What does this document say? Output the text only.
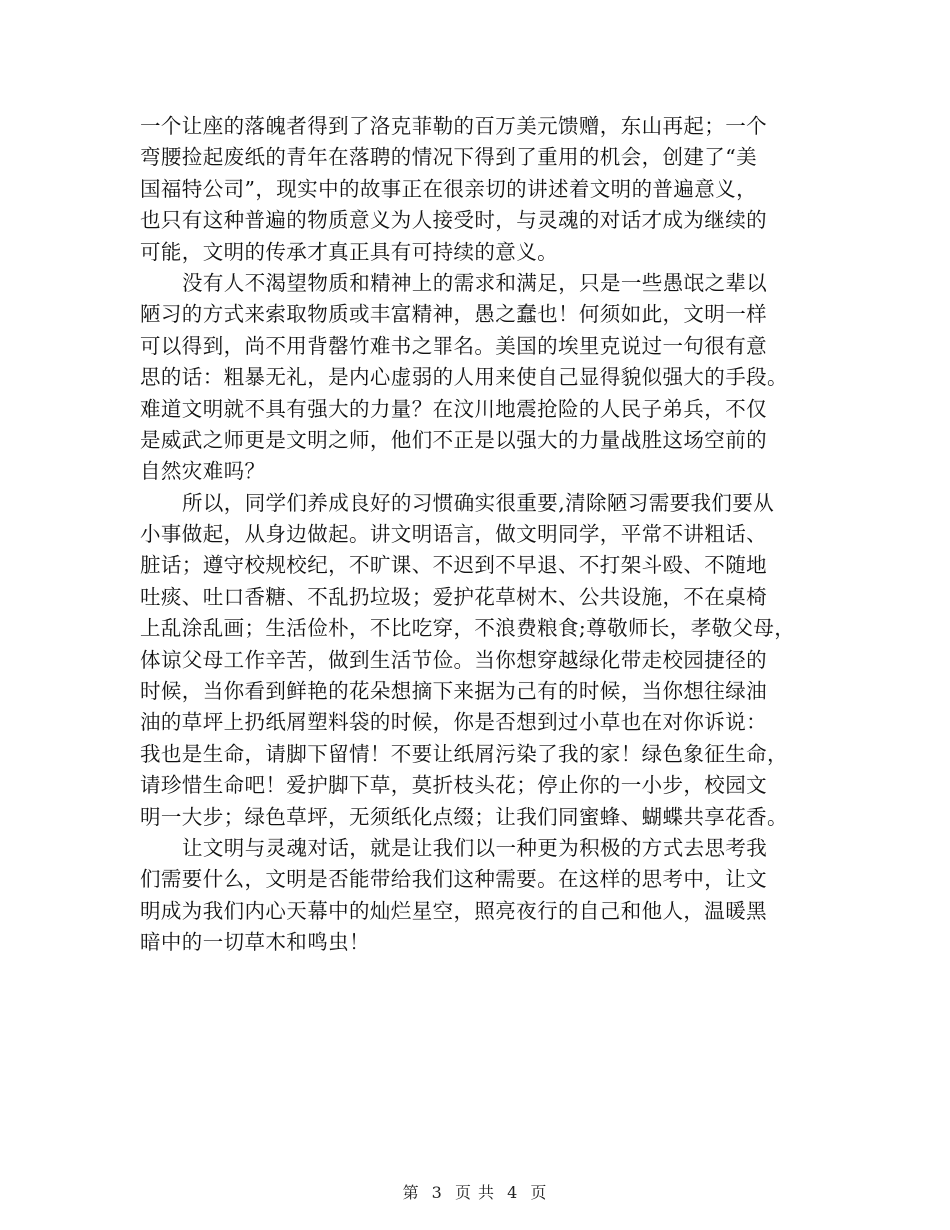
一个让座的落魄者得到了洛克菲勒的百万美元馈赠，东山再起；一个
弯腰捡起废纸的青年在落聘的情况下得到了重用的机会，创建了“美
国福特公司”，现实中的故事正在很亲切的讲述着文明的普遍意义，
也只有这种普遍的物质意义为人接受时，与灵魂的对话才成为继续的
可能，文明的传承才真正具有可持续的意义。
没有人不渴望物质和精神上的需求和满足，只是一些愚氓之辈以
陋习的方式来索取物质或丰富精神，愚之蠢也！何须如此，文明一样
可以得到，尚不用背罄竹难书之罪名。美国的埃里克说过一句很有意
思的话：粗暴无礼，是内心虚弱的人用来使自己显得貌似强大的手段。
难道文明就不具有强大的力量？在汶川地震抢险的人民子弟兵，不仅
是威武之师更是文明之师，他们不正是以强大的力量战胜这场空前的
自然灾难吗？
所以，同学们养成良好的习惯确实很重要,清除陋习需要我们要从
小事做起，从身边做起。讲文明语言，做文明同学，平常不讲粗话、
脏话；遵守校规校纪，不旷课、不迟到不早退、不打架斗殴、不随地
吐痰、吐口香糖、不乱扔垃圾；爱护花草树木、公共设施，不在桌椅
上乱涂乱画；生活俭朴，不比吃穿，不浪费粮食;尊敬师长，孝敬父母，
体谅父母工作辛苦，做到生活节俭。当你想穿越绿化带走校园捷径的
时候，当你看到鲜艳的花朵想摘下来据为己有的时候，当你想往绿油
油的草坪上扔纸屑塑料袋的时候，你是否想到过小草也在对你诉说：
我也是生命，请脚下留情！不要让纸屑污染了我的家！绿色象征生命，
请珍惜生命吧！爱护脚下草，莫折枝头花；停止你的一小步，校园文
明一大步；绿色草坪，无须纸化点缀；让我们同蜜蜂、蝴蝶共享花香。
让文明与灵魂对话，就是让我们以一种更为积极的方式去思考我
们需要什么，文明是否能带给我们这种需要。在这样的思考中，让文
明成为我们内心天幕中的灿烂星空，照亮夜行的自己和他人，温暖黑
暗中的一切草木和鸣虫！
第 3 页 共 4 页
